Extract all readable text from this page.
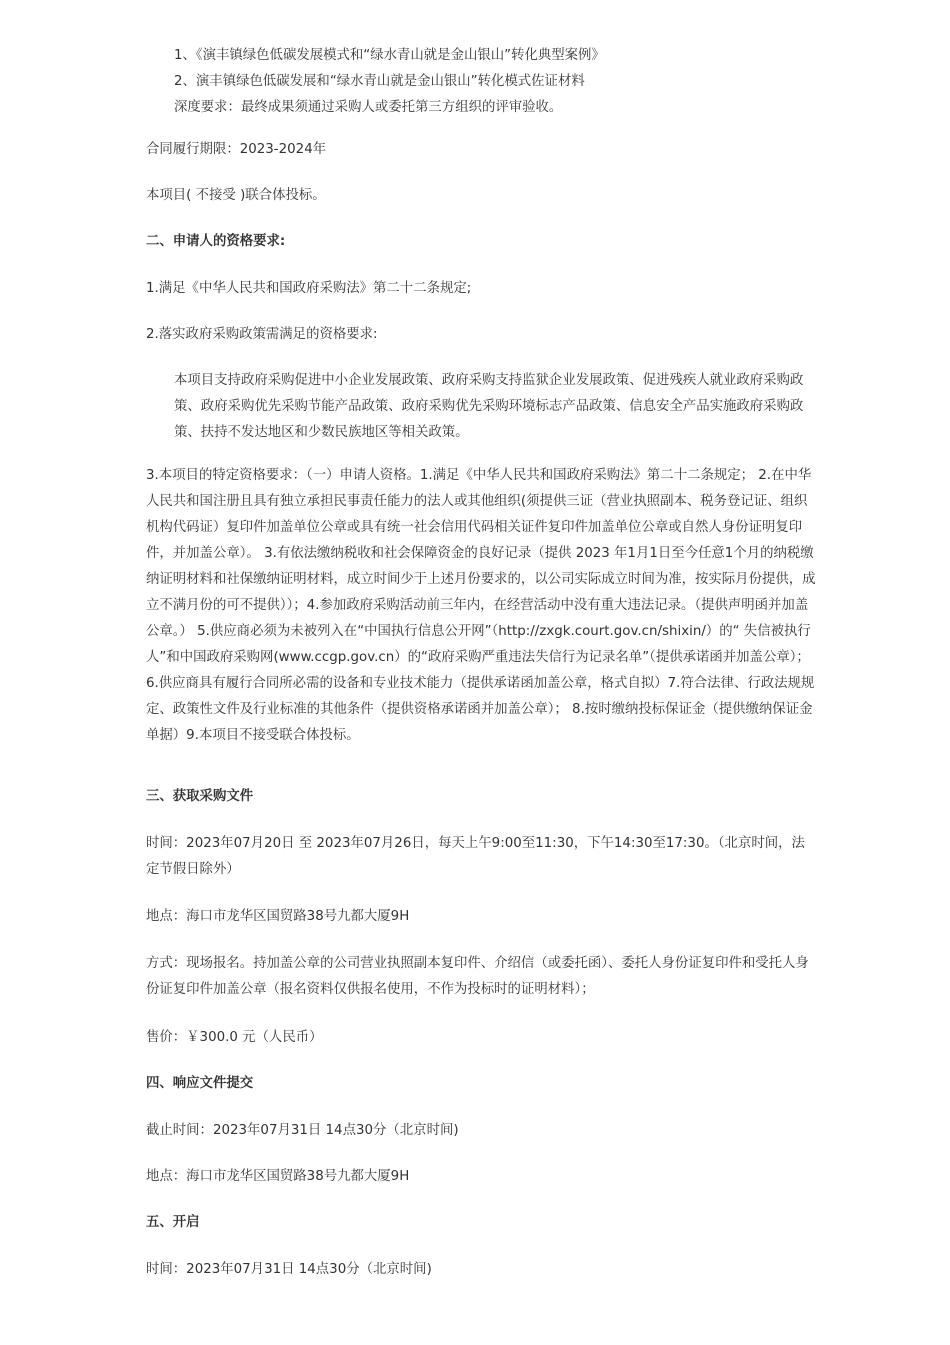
1、《演丰镇绿色低碳发展模式和“绿水青山就是金山银山”转化典型案例》
2、演丰镇绿色低碳发展和“绿水青山就是金山银山”转化模式佐证材料
深度要求：最终成果须通过采购人或委托第三方组织的评审验收。
合同履行期限：2023-2024年
本项目( 不接受 )联合体投标。
二、申请人的资格要求:
1.满足《中华人民共和国政府采购法》第二十二条规定;
2.落实政府采购政策需满足的资格要求:
本项目支持政府采购促进中小企业发展政策、政府采购支持监狱企业发展政策、促进残疾人就业政府采购政策、政府采购优先采购节能产品政策、政府采购优先采购环境标志产品政策、信息安全产品实施政府采购政策、扶持不发达地区和少数民族地区等相关政策。
3.本项目的特定资格要求：（一）申请人资格。1.满足《中华人民共和国政府采购法》第二十二条规定； 2.在中华人民共和国注册且具有独立承担民事责任能力的法人或其他组织(须提供三证（营业执照副本、税务登记证、组织机构代码证）复印件加盖单位公章或具有统一社会信用代码相关证件复印件加盖单位公章或自然人身份证明复印件，并加盖公章）。 3.有依法缴纳税收和社会保障资金的良好记录（提供 2023 年1月1日至今任意1个月的纳税缴纳证明材料和社保缴纳证明材料，成立时间少于上述月份要求的，以公司实际成立时间为准，按实际月份提供，成立不满月份的可不提供））；4.参加政府采购活动前三年内，在经营活动中没有重大违法记录。（提供声明函并加盖公章。） 5.供应商必须为未被列入在“中国执行信息公开网”（http://zxgk.court.gov.cn/shixin/）的“ 失信被执行人”和中国政府采购网(www.ccgp.gov.cn）的“政府采购严重违法失信行为记录名单”（提供承诺函并加盖公章）；6.供应商具有履行合同所必需的设备和专业技术能力（提供承诺函加盖公章，格式自拟）7.符合法律、行政法规规定、政策性文件及行业标准的其他条件（提供资格承诺函并加盖公章）； 8.按时缴纳投标保证金（提供缴纳保证金单据）9.本项目不接受联合体投标。
三、获取采购文件
时间：2023年07月20日 至 2023年07月26日，每天上午9:00至11:30，下午14:30至17:30。（北京时间，法定节假日除外）
地点：海口市龙华区国贸路38号九都大厦9H
方式：现场报名。持加盖公章的公司营业执照副本复印件、介绍信（或委托函）、委托人身份证复印件和受托人身份证复印件加盖公章（报名资料仅供报名使用，不作为投标时的证明材料）；
售价：￥300.0 元（人民币）
四、响应文件提交
截止时间：2023年07月31日 14点30分（北京时间)
地点：海口市龙华区国贸路38号九都大厦9H
五、开启
时间：2023年07月31日 14点30分（北京时间)
